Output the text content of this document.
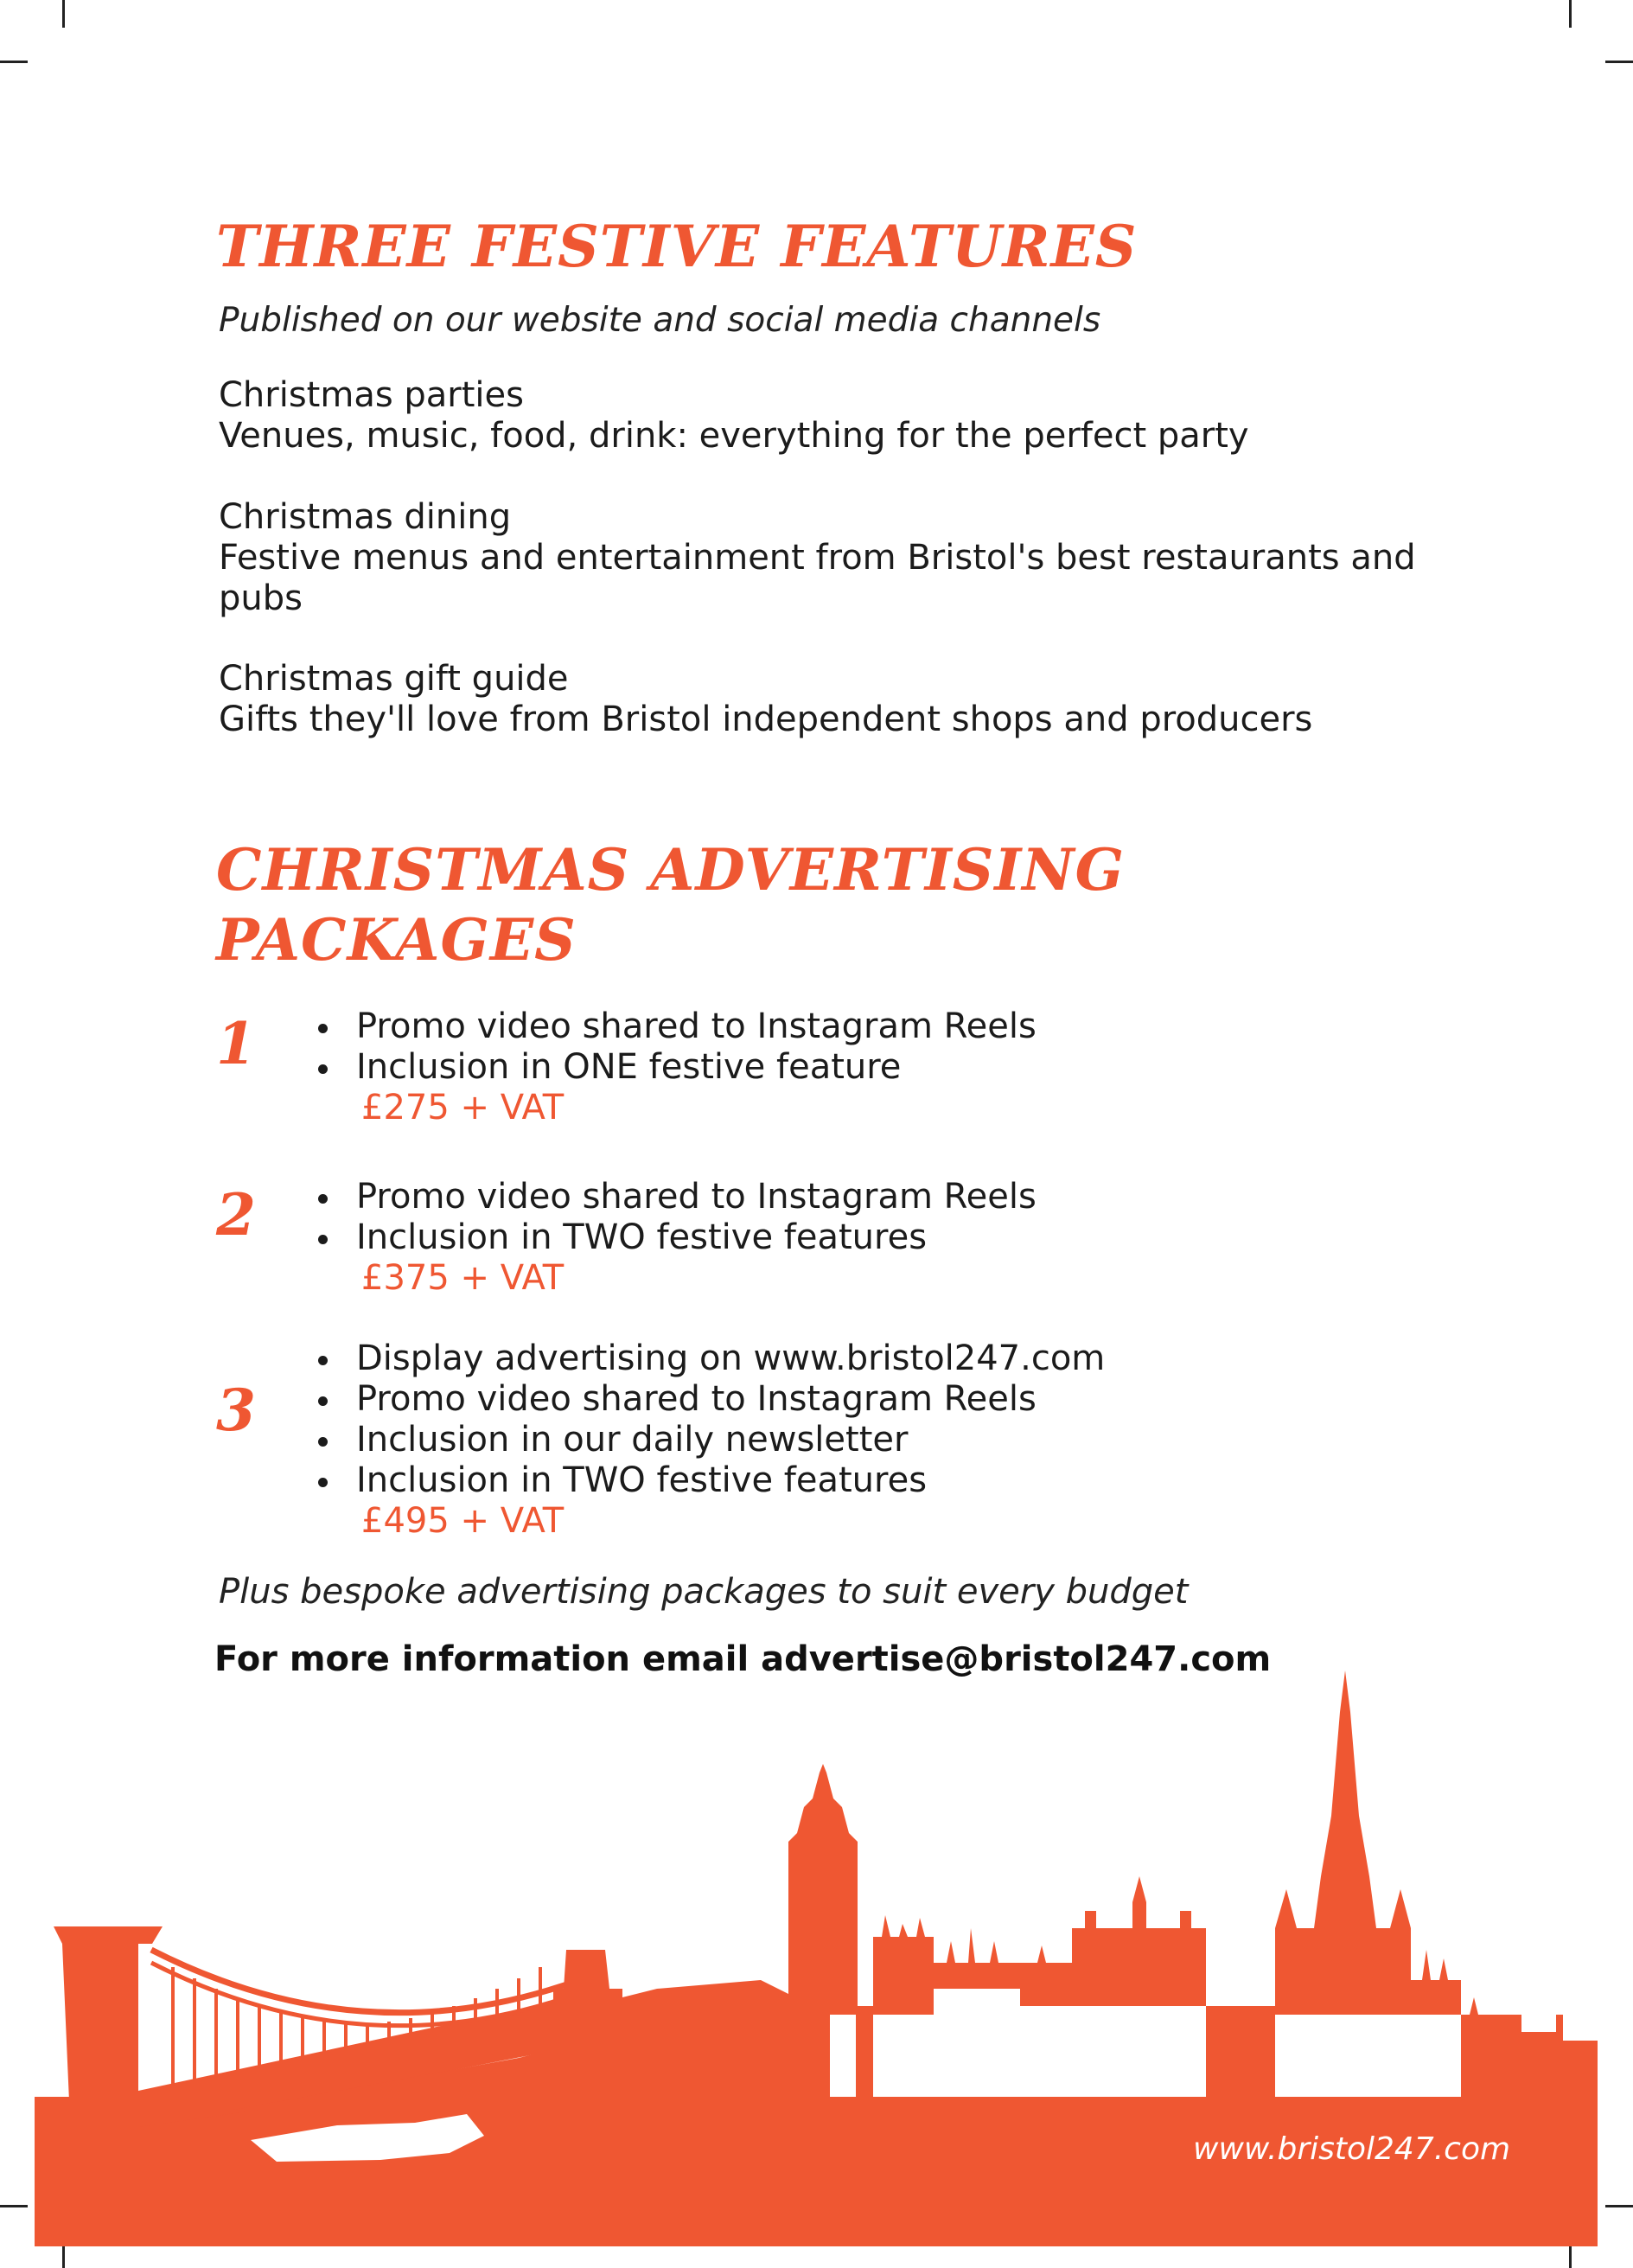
THREE FESTIVE FEATURES
Published on our website and social media channels
Christmas parties
Venues, music, food, drink: everything for the perfect party
Christmas dining
Festive menus and entertainment from Bristol's best restaurants and pubs
Christmas gift guide
Gifts they'll love from Bristol independent shops and producers
CHRISTMAS ADVERTISING
PACKAGES
1	Promo video shared to Instagram Reels
Inclusion in ONE festive feature
£275 + VAT
2	Promo video shared to Instagram Reels
Inclusion in TWO festive features
£375 + VAT
3
Display advertising on www.bristol247.com
Promo video shared to Instagram Reels
Inclusion in our daily newsletter
Inclusion in TWO festive features
£495 + VAT
Plus bespoke advertising packages to suit every budget
For more information email advertise@bristol247.com
www.bristol247.com
